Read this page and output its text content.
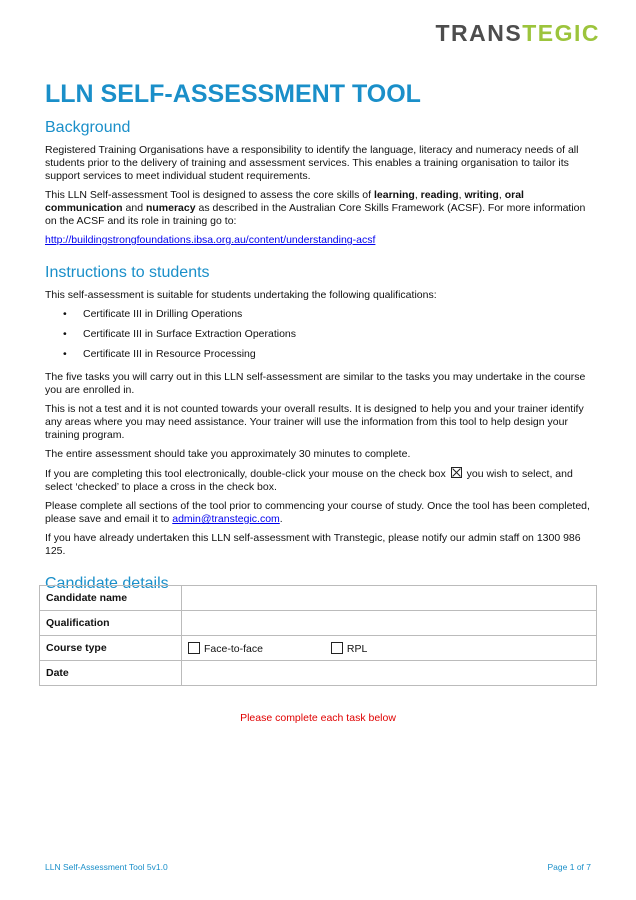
TRANSTEGIC
LLN SELF-ASSESSMENT TOOL
Background

Registered Training Organisations have a responsibility to identify the language, literacy and numeracy needs of all students prior to the delivery of training and assessment services. This enables a training organisation to tailor its support services to meet individual student requirements.

This LLN Self-assessment Tool is designed to assess the core skills of learning, reading, writing, oral communication and numeracy as described in the Australian Core Skills Framework (ACSF). For more information on the ACSF and its role in training go to:

http://buildingstrongfoundations.ibsa.org.au/content/understanding-acsf

Instructions to students

This self-assessment is suitable for students undertaking the following qualifications:

• Certificate III in Drilling Operations
• Certificate III in Surface Extraction Operations
• Certificate III in Resource Processing

The five tasks you will carry out in this LLN self-assessment are similar to the tasks you may undertake in the course you are enrolled in.

This is not a test and it is not counted towards your overall results. It is designed to help you and your trainer identify any areas where you may need assistance. Your trainer will use the information from this tool to help design your training program.

The entire assessment should take you approximately 30 minutes to complete.

If you are completing this tool electronically, double-click your mouse on the check box  you wish to select, and select ‘checked’ to place a cross in the check box.

Please complete all sections of the tool prior to commencing your course of study. Once the tool has been completed, please save and email it to admin@transtegic.com.

If you have already undertaken this LLN self-assessment with Transtegic, please notify our admin staff on 1300 986 125.

Candidate details
Candidate name	
Qualification	
Course type	Face-to-face RPL
Date	
Please complete each task below
LLN Self-Assessment Tool 5v1.0	Page 1 of 7
